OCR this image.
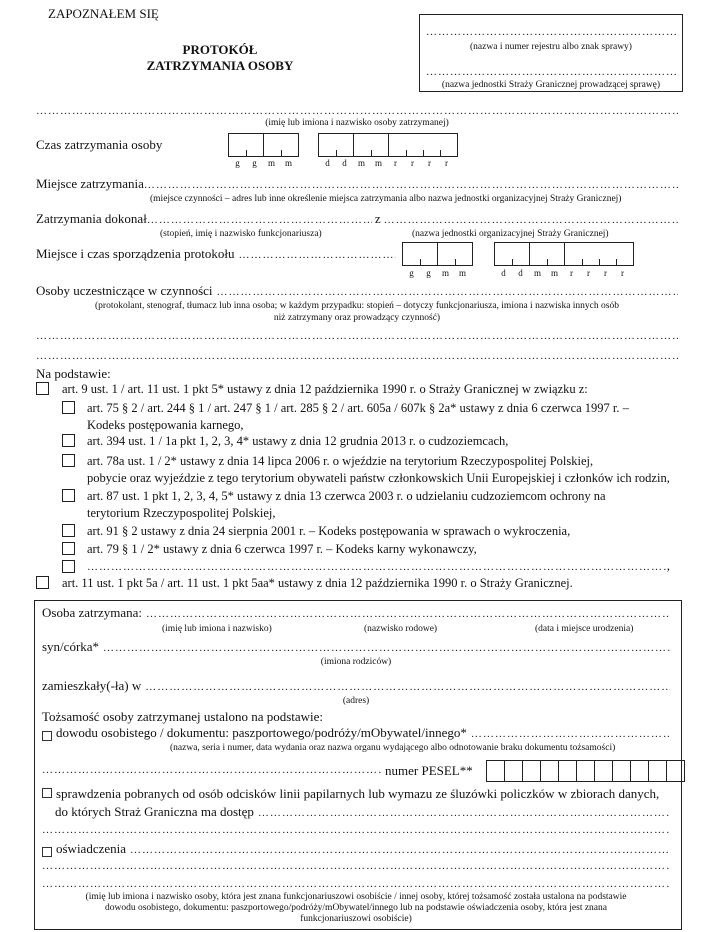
ZAPOZNAŁEM SIĘ
PROTOKÓŁ
ZATRZYMANIA OSOBY
………………………………………………………………………………………………………………………………………………………………………………………………………
(nazwa i numer rejestru albo znak sprawy)
………………………………………………………………………………………………………………………………………………………………………………………………………
(nazwa jednostki Straży Granicznej prowadzącej sprawę)
………………………………………………………………………………………………………………………………………………………………………………………………………
(imię lub imiona i nazwisko osoby zatrzymanej)
Czas zatrzymania osoby
g	g	m	m	d	d	m	m	r	r	r	r
Miejsce zatrzymania
………………………………………………………………………………………………………………………………………………………………………………………………………
(miejsce czynności – adres lub inne określenie miejsca zatrzymania albo nazwa jednostki organizacyjnej Straży Granicznej)
Zatrzymania dokonał
………………………………………………………………………………………………………………………………………………………………………………………………………	z
………………………………………………………………………………………………………………………………………………………………………………………………………
(stopień, imię i nazwisko funkcjonariusza)	(nazwa jednostki organizacyjnej Straży Granicznej)
Miejsce i czas sporządzenia protokołu
………………………………………………………………………………………………………………………………………………………………………………………………………
g	g	m	m	d	d	m	m	r	r	r	r
Osoby uczestniczące w czynności
………………………………………………………………………………………………………………………………………………………………………………………………………
(protokolant, stenograf, tłumacz lub inna osoba; w każdym przypadku: stopień – dotyczy funkcjonariusza, imiona i nazwiska innych osób
niż zatrzymany oraz prowadzący czynność)
………………………………………………………………………………………………………………………………………………………………………………………………………
………………………………………………………………………………………………………………………………………………………………………………………………………
Na podstawie:
art. 9 ust. 1 / art. 11 ust. 1 pkt 5* ustawy z dnia 12 października 1990 r. o Straży Granicznej w związku z:
art. 75 § 2 / art. 244 § 1 / art. 247 § 1 / art. 285 § 2 / art. 605a / 607k § 2a* ustawy z dnia 6 czerwca 1997 r. –
Kodeks postępowania karnego,
art. 394 ust. 1 / 1a pkt 1, 2, 3, 4* ustawy z dnia 12 grudnia 2013 r. o cudzoziemcach,
art. 78a ust. 1 / 2* ustawy z dnia 14 lipca 2006 r. o wjeździe na terytorium Rzeczypospolitej Polskiej,
pobycie oraz wyjeździe z tego terytorium obywateli państw członkowskich Unii Europejskiej i członków ich rodzin,
art. 87 ust. 1 pkt 1, 2, 3, 4, 5* ustawy z dnia 13 czerwca 2003 r. o udzielaniu cudzoziemcom ochrony na
terytorium Rzeczypospolitej Polskiej,
art. 91 § 2 ustawy z dnia 24 sierpnia 2001 r. – Kodeks postępowania w sprawach o wykroczenia,
art. 79 § 1 / 2* ustawy z dnia 6 czerwca 1997 r. – Kodeks karny wykonawczy,
………………………………………………………………………………………………………………………………………………………………………………………………………
,
art. 11 ust. 1 pkt 5a / art. 11 ust. 1 pkt 5aa* ustawy z dnia 12 października 1990 r. o Straży Granicznej.
Osoba zatrzymana:
………………………………………………………………………………………………………………………………………………………………………………………………………
(imię lub imiona i nazwisko)	(nazwisko rodowe)	(data i miejsce urodzenia)
syn/córka*
………………………………………………………………………………………………………………………………………………………………………………………………………
(imiona rodziców)
zamieszkały(-ła) w
………………………………………………………………………………………………………………………………………………………………………………………………………
(adres)
Tożsamość osoby zatrzymanej ustalono na podstawie:
dowodu osobistego / dokumentu: paszportowego/podróży/mObywatel/innego*
………………………………………………………………………………………………………………………………………………………………………………………………………
(nazwa, seria i numer, data wydania oraz nazwa organu wydającego albo odnotowanie braku dokumentu tożsamości)
………………………………………………………………………………………………………………………………………………………………………………………………………
numer PESEL**
sprawdzenia pobranych od osób odcisków linii papilarnych lub wymazu ze śluzówki policzków w zbiorach danych,
do których Straż Graniczna ma dostęp
………………………………………………………………………………………………………………………………………………………………………………………………………
………………………………………………………………………………………………………………………………………………………………………………………………………
oświadczenia
………………………………………………………………………………………………………………………………………………………………………………………………………
………………………………………………………………………………………………………………………………………………………………………………………………………
………………………………………………………………………………………………………………………………………………………………………………………………………
(imię lub imiona i nazwisko osoby, która jest znana funkcjonariuszowi osobiście / innej osoby, której tożsamość została ustalona na podstawie
dowodu osobistego, dokumentu: paszportowego/podróży/mObywatel/innego lub na podstawie oświadczenia osoby, która jest znana
funkcjonariuszowi osobiście)
